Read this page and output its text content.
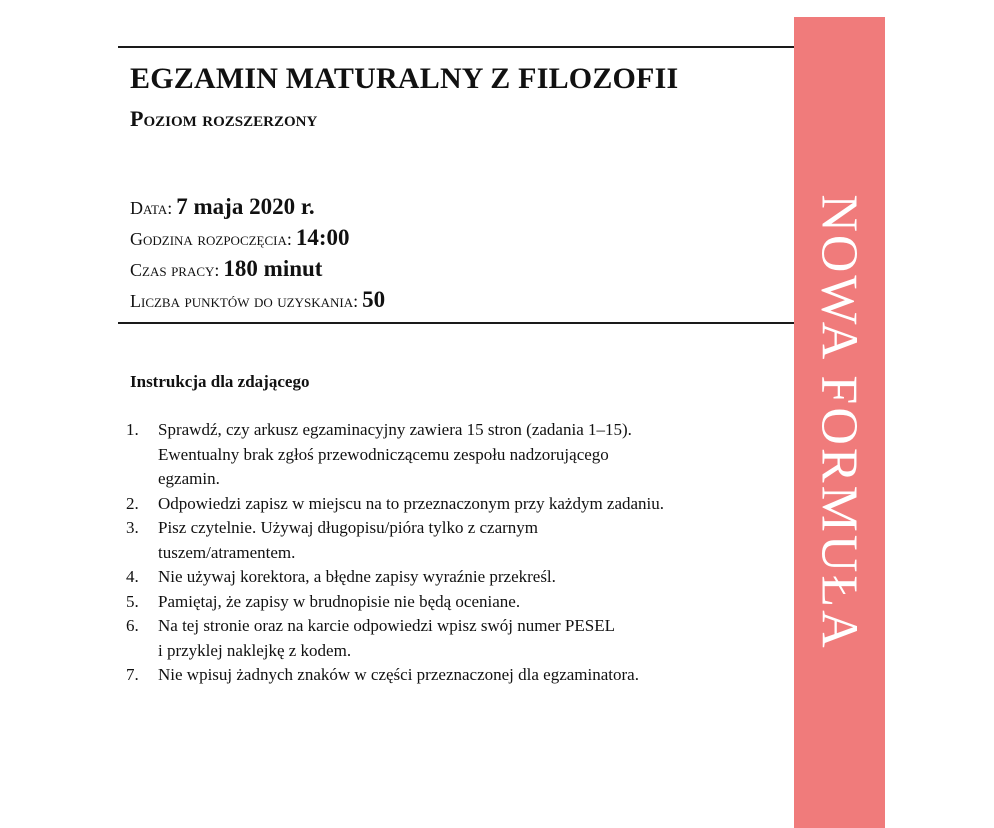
EGZAMIN MATURALNY Z FILOZOFII
Poziom rozszerzony
Data: 7 maja 2020 r.
Godzina rozpoczęcia: 14:00
Czas pracy: 180 minut
Liczba punktów do uzyskania: 50
Instrukcja dla zdającego
1.	Sprawdź, czy arkusz egzaminacyjny zawiera 15 stron (zadania 1–15).
Ewentualny brak zgłoś przewodniczącemu zespołu nadzorującego
egzamin.
2.	Odpowiedzi zapisz w miejscu na to przeznaczonym przy każdym zadaniu.
3.	Pisz czytelnie. Używaj długopisu/pióra tylko z czarnym
tuszem/atramentem.
4.	Nie używaj korektora, a błędne zapisy wyraźnie przekreśl.
5.	Pamiętaj, że zapisy w brudnopisie nie będą oceniane.
6.	Na tej stronie oraz na karcie odpowiedzi wpisz swój numer PESEL
i przyklej naklejkę z kodem.
7.	Nie wpisuj żadnych znaków w części przeznaczonej dla egzaminatora.
NOWA FORMUŁA
